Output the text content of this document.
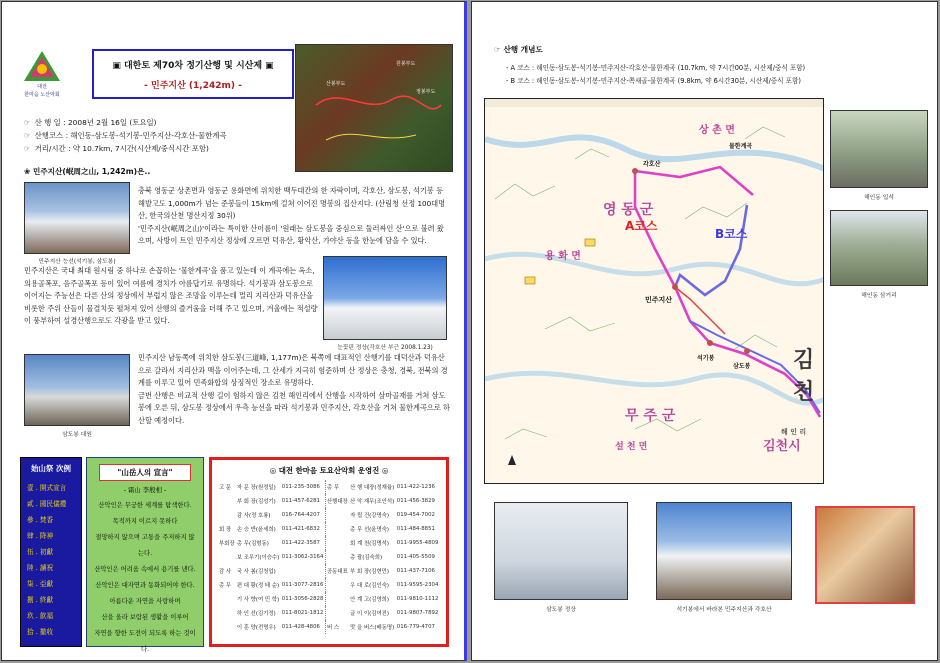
대전
한마음 노산악회
▣ 대한토 제70차 정기산행 및 시산제 ▣
- 민주지산 (1,242m) -
원봉부도
산봉부도
정봉부도
☞ 산 행 일 : 2008년 2월 16일 (토요일)
☞ 산행코스 : 해인동-삼도봉-석기봉-민주지산-각호산-물한계곡
☞ 거리/시간 : 약 10.7km, 7시간(시산제/중식시간 포함)
❀ 민주지산(岷周之山, 1,242m)은..
민주지산 능선(석기봉, 삼도봉)
충북 영동군 상촌면과 영동군 용화면에 위치한 백두대간의 한 자락이며, 각호산, 삼도봉, 석기봉 등 해발고도 1,000m가 넘는 준봉들이 15km에 걸쳐 이어진 명봉의 집산지다. (산림청 선정 100대명산, 한국의산천 명산지정 30위)
'민주지산(岷周之山)'이라는 특이한 산이름이 '원래는 삼도봉을 중심으로 둘러싸인 산'으로 불려 왔으며, 사방이 트인 민주지산 정상에 오르면 덕유산, 황악산, 가야산 등을 한눈에 담을 수 있다.
민주지산은 국내 최대 원시림 중 하나로 손꼽히는 '물한계곡'을 품고 있는데 이 계곡에는 옥소, 의용골폭포, 음주골폭포 등이 있어 여름에 경치가 아름답기로 유명하다. 석기봉과 삼도봉으로 이어지는 주능선은 다른 산의 정상에서 부럽지 않은 조망을 이루는데 멀리 지리산과 덕유산을 비롯한 주위 산들이 물결치듯 펼쳐져 있어 산행의 즐거움을 더해 주고 있으며, 겨울에는 적설량이 풍부하여 설경산행으로도 각광을 받고 있다.
눈꽃핀 정상(각호산 부근 2008.1.23)
삼도봉 대원
민주지산 남동쪽에 위치한 삼도봉(三道峰, 1,177m)은 북쪽에 대표적인 산행기를 대덕산과 덕유산으로 갈라서 지리산과 맥을 이어주는데, 그 산세가 지극히 험준하며 산 정상은 충청, 경북, 전북의 경계를 이루고 있어 민족화합의 상징적인 장소로 유명하다.
금번 산행은 비교적 산행 길이 험하지 않은 김천 해인리에서 산행을 시작하여 삼마골재를 거쳐 삼도봉에 오른 뒤, 삼도봉 정상에서 우측 능선을 따라 석기봉과 민주지산, 각호산을 거쳐 물한계곡으로 하산할 예정이다.
始山祭 次例
壹 . 開式宣言
貳 . 國民儀禮
參 . 焚香
肆 . 降神
伍 . 初獻
陸 . 讀祝
柒 . 亞獻
捌 . 終獻
玖 . 飮福
拾 . 撤收
"山岳人의 宣言"
- 霜山 李殷相 -
산악인은 무궁한 세계를 탐색한다.
목적까지 이르지 못하다
절망하지 않으며 고통을 주저하지 않는다.
산악인은 어려움 속에서 용기를 낸다.
산악인은 대자연과 동화되어야 한다.
아름다운 자연을 사랑하며
산을 올라 보람된 생활을 이루어
자연을 향한 도전이 되도록 하는 것이다.
◎ 대전 한마음 토요산악회 운영진 ◎
고 문	자 문 장(원정일)	011-235-3086	총 무	산 행 대장(정재율)	011-422-1236
	부 회 장(김성기)	011-457-6281	산행대장	산 악 재무(조인석)	011-456-3829
	감 사(정 호룡)	016-764-4207		자 립 건(강명숙)	019-454-7002
회 장	손 승 반(윤세희)	011-421-6832		총 무 선(윤명숙)	011-484-8851
부회장	총 무(김형동)	011-422-3587		회 계 천(김명석)	011-9955-4809
	보 조무기(이승수)	011-3062-3164		총 괄(김숙희)	011-405-5509
감 사	국 사 봄(김청업)		공동대표	부 회 장(김현민)	011-437-7106
총 무	편 대 황(정 태 순)	011-3077-2816		우 대 로(김인숙)	011-9595-2304
	기 사 향(여 민 학)	011-3056-2828		안 계 고(김영희)	011-9810-1112
	하 인 선(김기정)	011-8021-1812		글 이 이(김여진)	011-9807-7892
	이 훈 양(전명우)	011-428-4806	버 스	맛 을 버스(배동명)	016-779-4707
☞ 산행 개념도
- A 코스 : 해인동-삼도봉-석기봉-민주지산-각호산-물한계곡 (10.7km, 약 7시간00분, 시산제/중식 포함)
- B 코스 : 해인동-삼도봉-석기봉-민주지산-쪽새골-물한계곡 (9.8km, 약 6시간30분, 시산제/중식 포함)
상 촌 면
영 동 군
A코스
B코스
용 화 면
민주지산
무 주 군
설 천 면
김
천
김천시
해 인 리
각호산
석기봉
삼도봉
물한계곡
해인동 입석
해인동 삼거리
삼도봉 정상	석기봉에서 바라본 민주지산과 각호산
